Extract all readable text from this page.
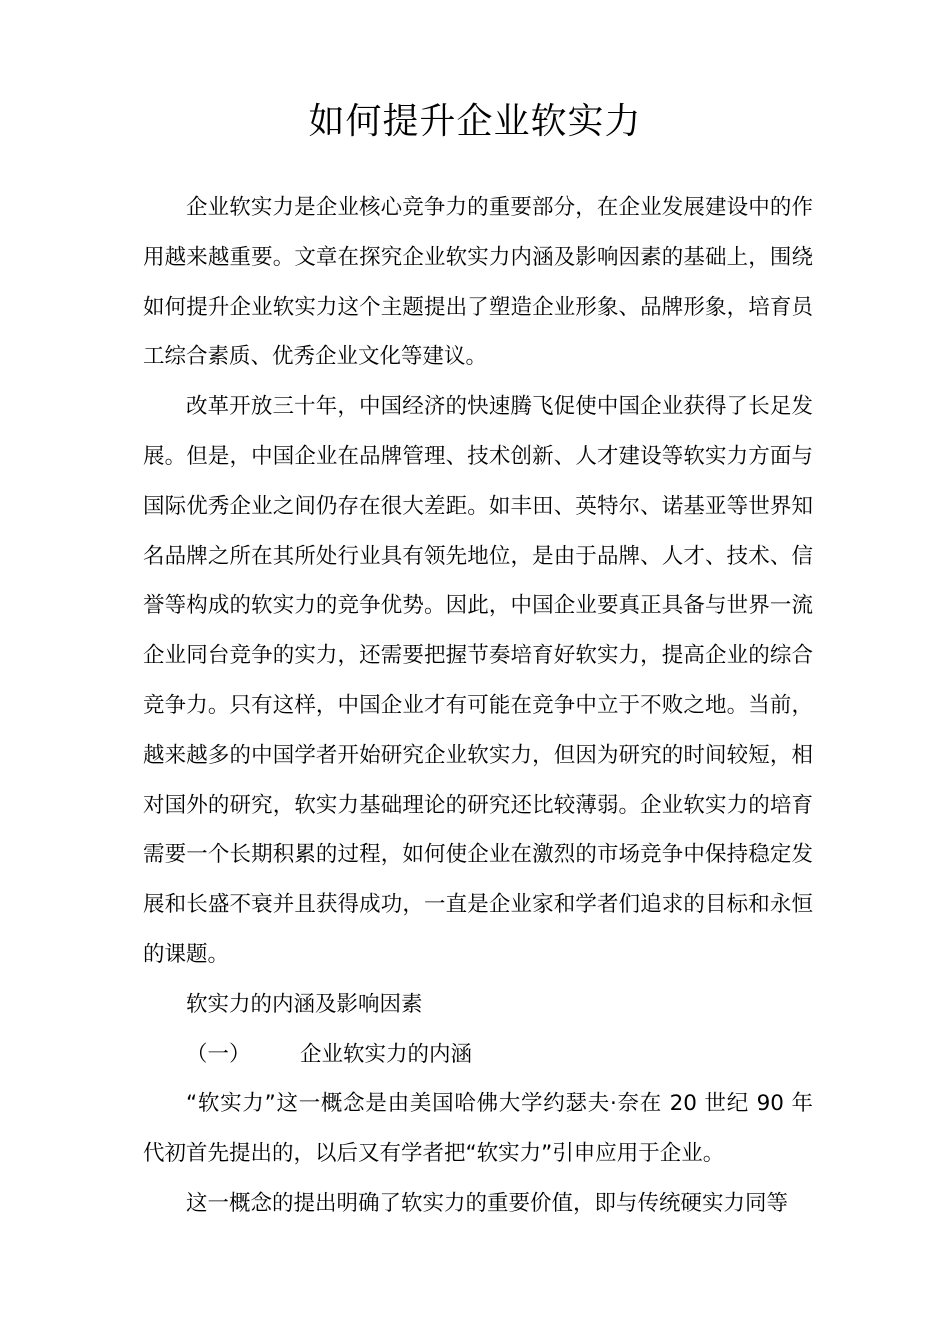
如何提升企业软实力

企业软实力是企业核心竞争力的重要部分，在企业发展建设中的作用越来越重要。文章在探究企业软实力内涵及影响因素的基础上，围绕如何提升企业软实力这个主题提出了塑造企业形象、品牌形象，培育员工综合素质、优秀企业文化等建议。

改革开放三十年，中国经济的快速腾飞促使中国企业获得了长足发展。但是，中国企业在品牌管理、技术创新、人才建设等软实力方面与国际优秀企业之间仍存在很大差距。如丰田、英特尔、诺基亚等世界知名品牌之所在其所处行业具有领先地位，是由于品牌、人才、技术、信誉等构成的软实力的竞争优势。因此，中国企业要真正具备与世界一流企业同台竞争的实力，还需要把握节奏培育好软实力，提高企业的综合竞争力。只有这样，中国企业才有可能在竞争中立于不败之地。当前，越来越多的中国学者开始研究企业软实力，但因为研究的时间较短，相对国外的研究，软实力基础理论的研究还比较薄弱。企业软实力的培育需要一个长期积累的过程，如何使企业在激烈的市场竞争中保持稳定发展和长盛不衰并且获得成功，一直是企业家和学者们追求的目标和永恒的课题。

软实力的内涵及影响因素

（一）	企业软实力的内涵

“软实力”这一概念是由美国哈佛大学约瑟夫·奈在 20 世纪 90 年代初首先提出的，以后又有学者把“软实力”引申应用于企业。

这一概念的提出明确了软实力的重要价值，即与传统硬实力同等
